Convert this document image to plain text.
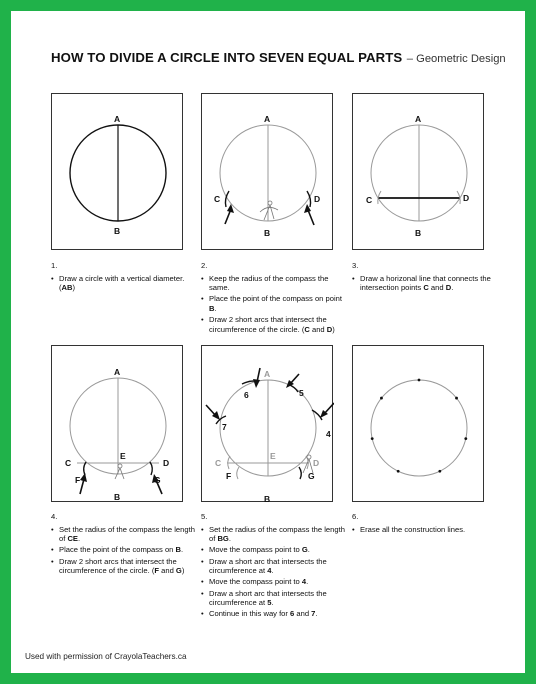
HOW TO DIVIDE A CIRCLE INTO SEVEN EQUAL PARTS – Geometric Design
A
B
1.
• Draw a circle with a vertical diameter. (AB)
A
B
C	D
2.
• Keep the radius of the compass the same.
• Place the point of the compass on point B.
• Draw 2 short arcs that intersect the circumference of the circle. (C and D)
A
B
C	D
3.
• Draw a horizonal line that connects the intersection points C and D.
A
B
C	D
E
F	G
4.
• Set the radius of the compass the length of CE.
• Place the point of the compass on B.
• Draw 2 short arcs that intersect the circumference of the circle. (F and G)
A
B
C	D
E
F	G
4
5
6
7
5.
• Set the radius of the compass the length of BG.
• Move the compass point to G.
• Draw a short arc that intersects the circumference at 4.
• Move the compass point to 4.
• Draw a short arc that intersects the circumference at 5.
• Continue in this way for 6 and 7.
6.
• Erase all the construction lines.
Used with permission of CrayolaTeachers.ca
